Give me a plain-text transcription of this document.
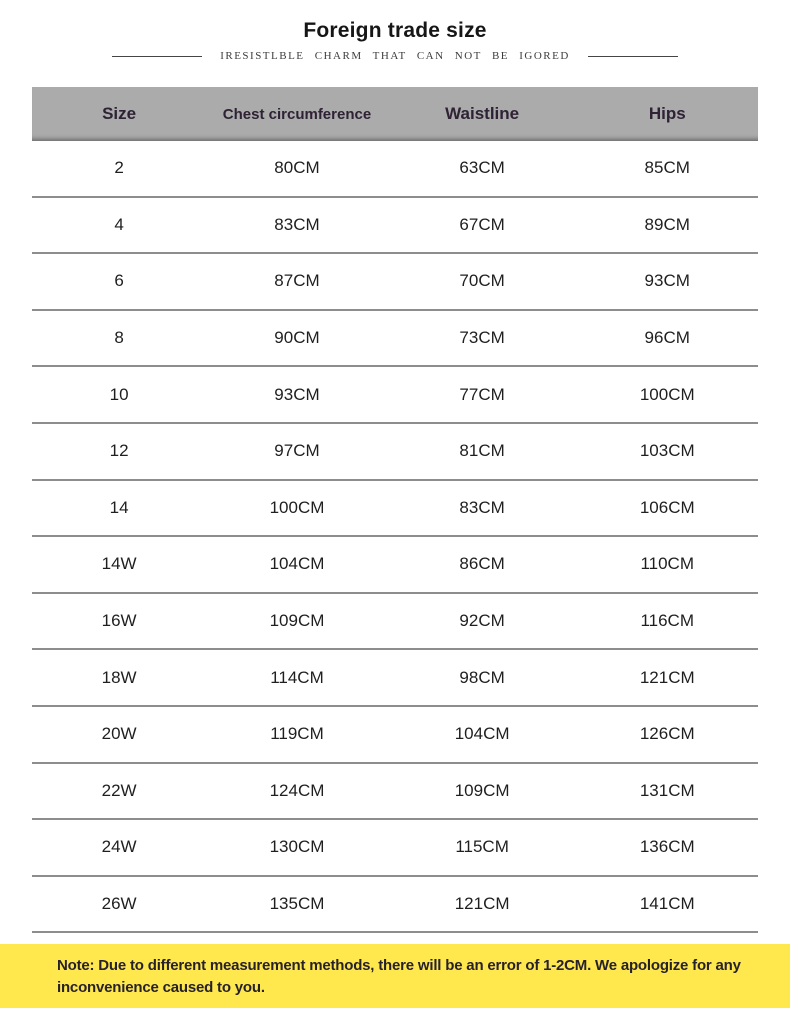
Foreign trade size
IRESISTLBLE CHARM THAT CAN NOT BE IGORED
Size	Chest circumference	Waistline	Hips
2	80CM	63CM	85CM
4	83CM	67CM	89CM
6	87CM	70CM	93CM
8	90CM	73CM	96CM
10	93CM	77CM	100CM
12	97CM	81CM	103CM
14	100CM	83CM	106CM
14W	104CM	86CM	110CM
16W	109CM	92CM	116CM
18W	114CM	98CM	121CM
20W	119CM	104CM	126CM
22W	124CM	109CM	131CM
24W	130CM	115CM	136CM
26W	135CM	121CM	141CM
Note: Due to different measurement methods, there will be an error of 1-2CM. We apologize for any inconvenience caused to you.
